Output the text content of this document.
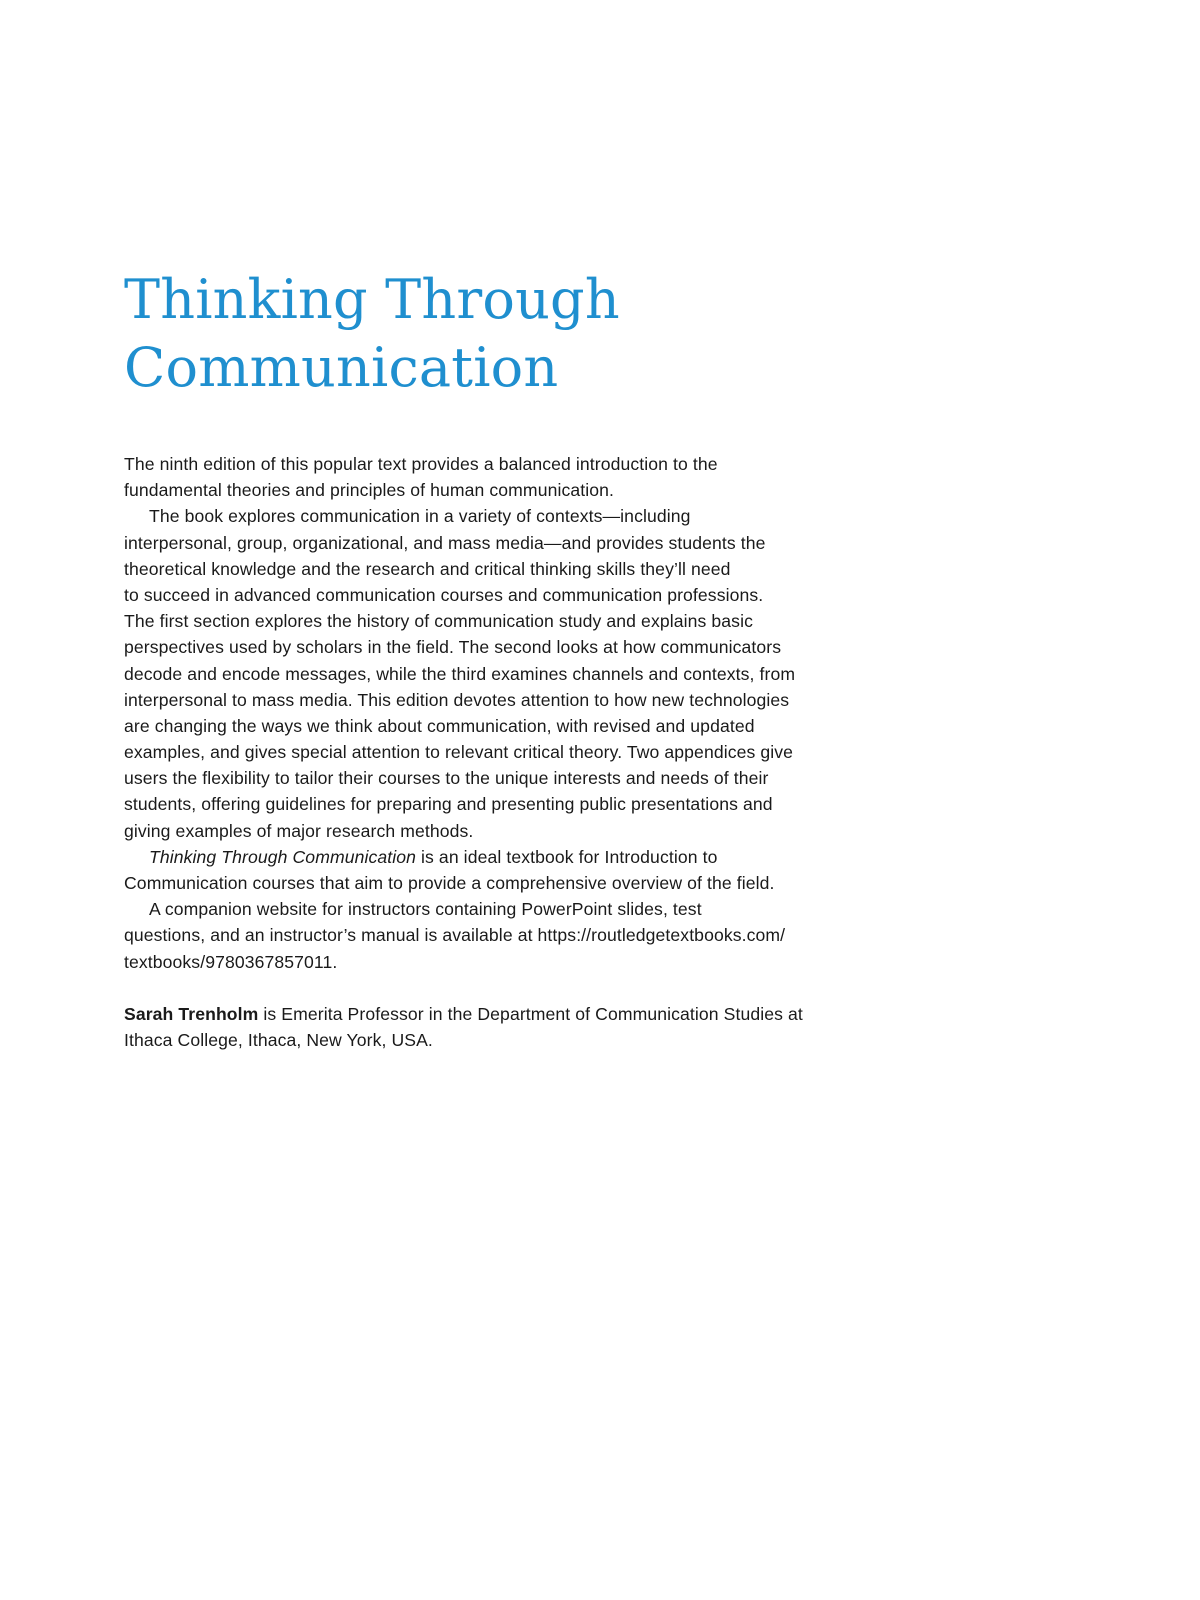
Thinking Through
Communication
The ninth edition of this popular text provides a balanced introduction to the
fundamental theories and principles of human communication.
The book explores communication in a variety of contexts—including
interpersonal, group, organizational, and mass media—and provides students the
theoretical knowledge and the research and critical thinking skills they’ll need
to succeed in advanced communication courses and communication professions.
The first section explores the history of communication study and explains basic
perspectives used by scholars in the field. The second looks at how communicators
decode and encode messages, while the third examines channels and contexts, from
interpersonal to mass media. This edition devotes attention to how new technologies
are changing the ways we think about communication, with revised and updated
examples, and gives special attention to relevant critical theory. Two appendices give
users the flexibility to tailor their courses to the unique interests and needs of their
students, offering guidelines for preparing and presenting public presentations and
giving examples of major research methods.
Thinking Through Communication is an ideal textbook for Introduction to
Communication courses that aim to provide a comprehensive overview of the field.
A companion website for instructors containing PowerPoint slides, test
questions, and an instructor’s manual is available at https://routledgetextbooks.com/
textbooks/9780367857011.
Sarah Trenholm is Emerita Professor in the Department of Communication Studies at
Ithaca College, Ithaca, New York, USA.
